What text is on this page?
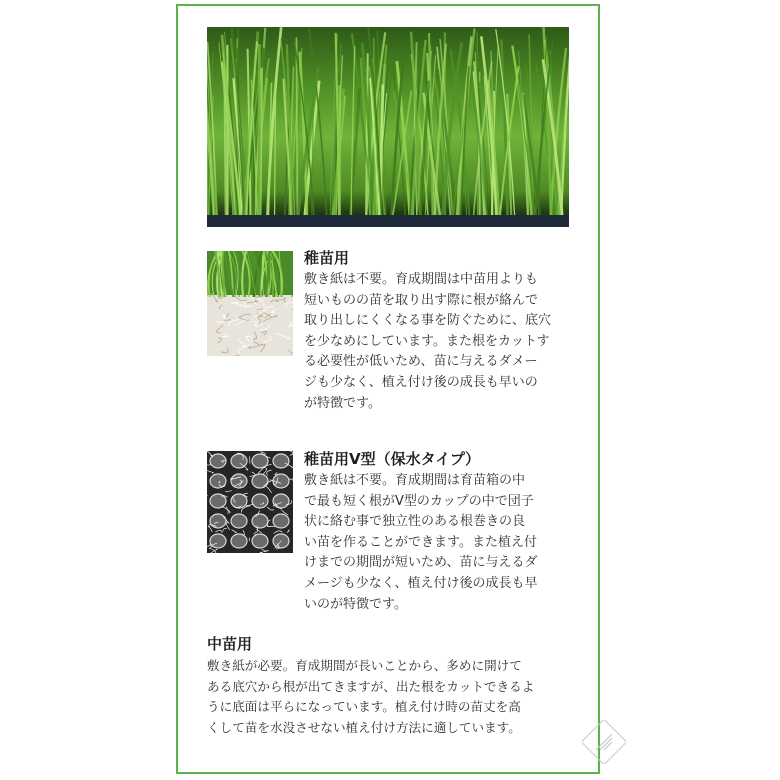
稚苗用
敷き紙は不要。育成期間は中苗用よりも
短いものの苗を取り出す際に根が絡んで
取り出しにくくなる事を防ぐために、底穴
を少なめにしています。また根をカットす
る必要性が低いため、苗に与えるダメー
ジも少なく、植え付け後の成長も早いの
が特徴です。
稚苗用V型（保水タイプ）
敷き紙は不要。育成期間は育苗箱の中
で最も短く根がV型のカップの中で団子
状に絡む事で独立性のある根巻きの良
い苗を作ることができます。また植え付
けまでの期間が短いため、苗に与えるダ
メージも少なく、植え付け後の成長も早
いのが特徴です。
中苗用
敷き紙が必要。育成期間が長いことから、多めに開けて
ある底穴から根が出てきますが、出た根をカットできるよ
うに底面は平らになっています。植え付け時の苗丈を高
くして苗を水没させない植え付け方法に適しています。
